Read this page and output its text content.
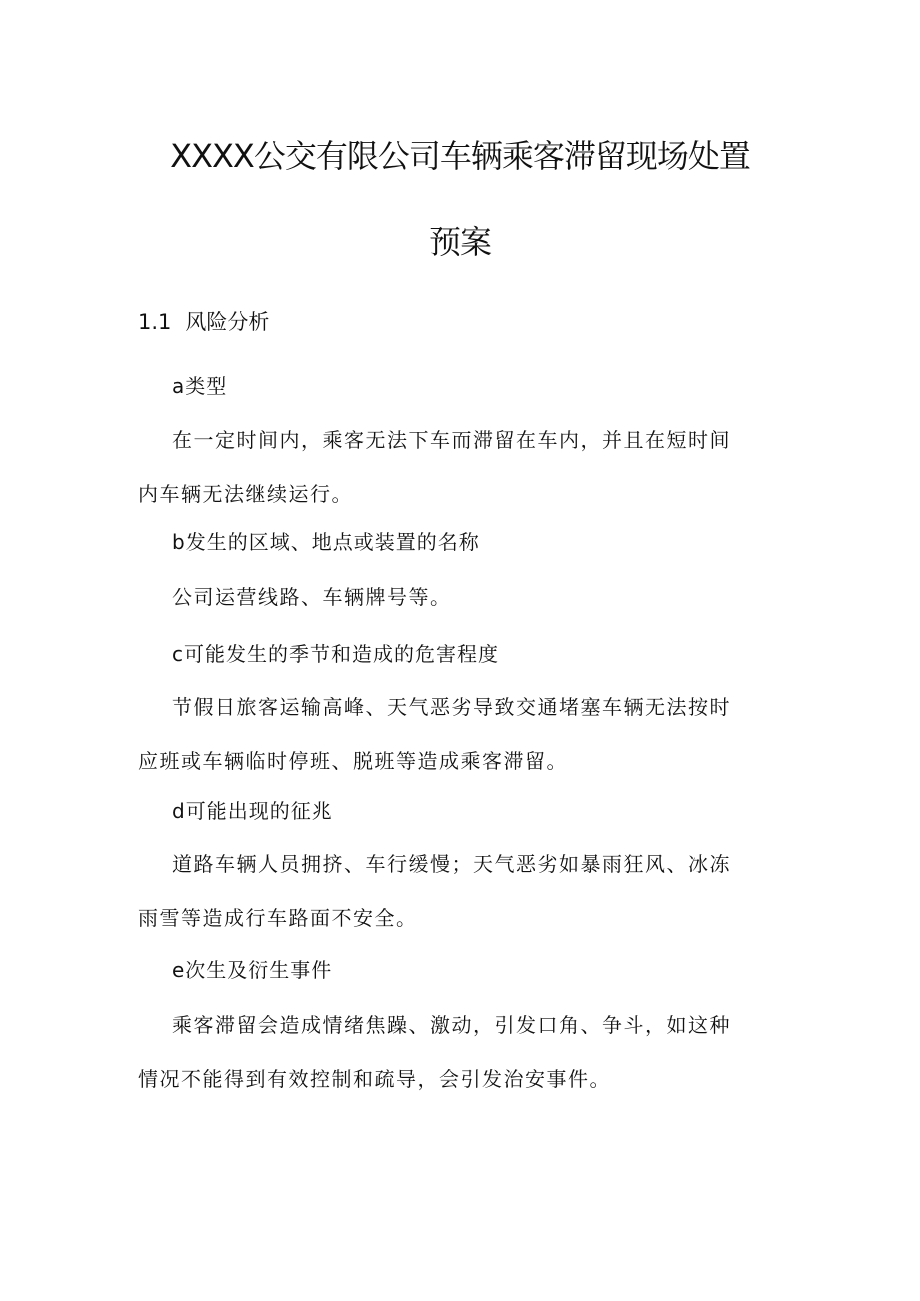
XXXX公交有限公司车辆乘客滞留现场处置
预案
1.1 风险分析

a类型

在一定时间内，乘客无法下车而滞留在车内，并且在短时间
内车辆无法继续运行。

b发生的区域、地点或装置的名称

公司运营线路、车辆牌号等。

c可能发生的季节和造成的危害程度

节假日旅客运输高峰、天气恶劣导致交通堵塞车辆无法按时
应班或车辆临时停班、脱班等造成乘客滞留。

d可能出现的征兆

道路车辆人员拥挤、车行缓慢；天气恶劣如暴雨狂风、冰冻
雨雪等造成行车路面不安全。

e次生及衍生事件

乘客滞留会造成情绪焦躁、激动，引发口角、争斗，如这种
情况不能得到有效控制和疏导，会引发治安事件。
